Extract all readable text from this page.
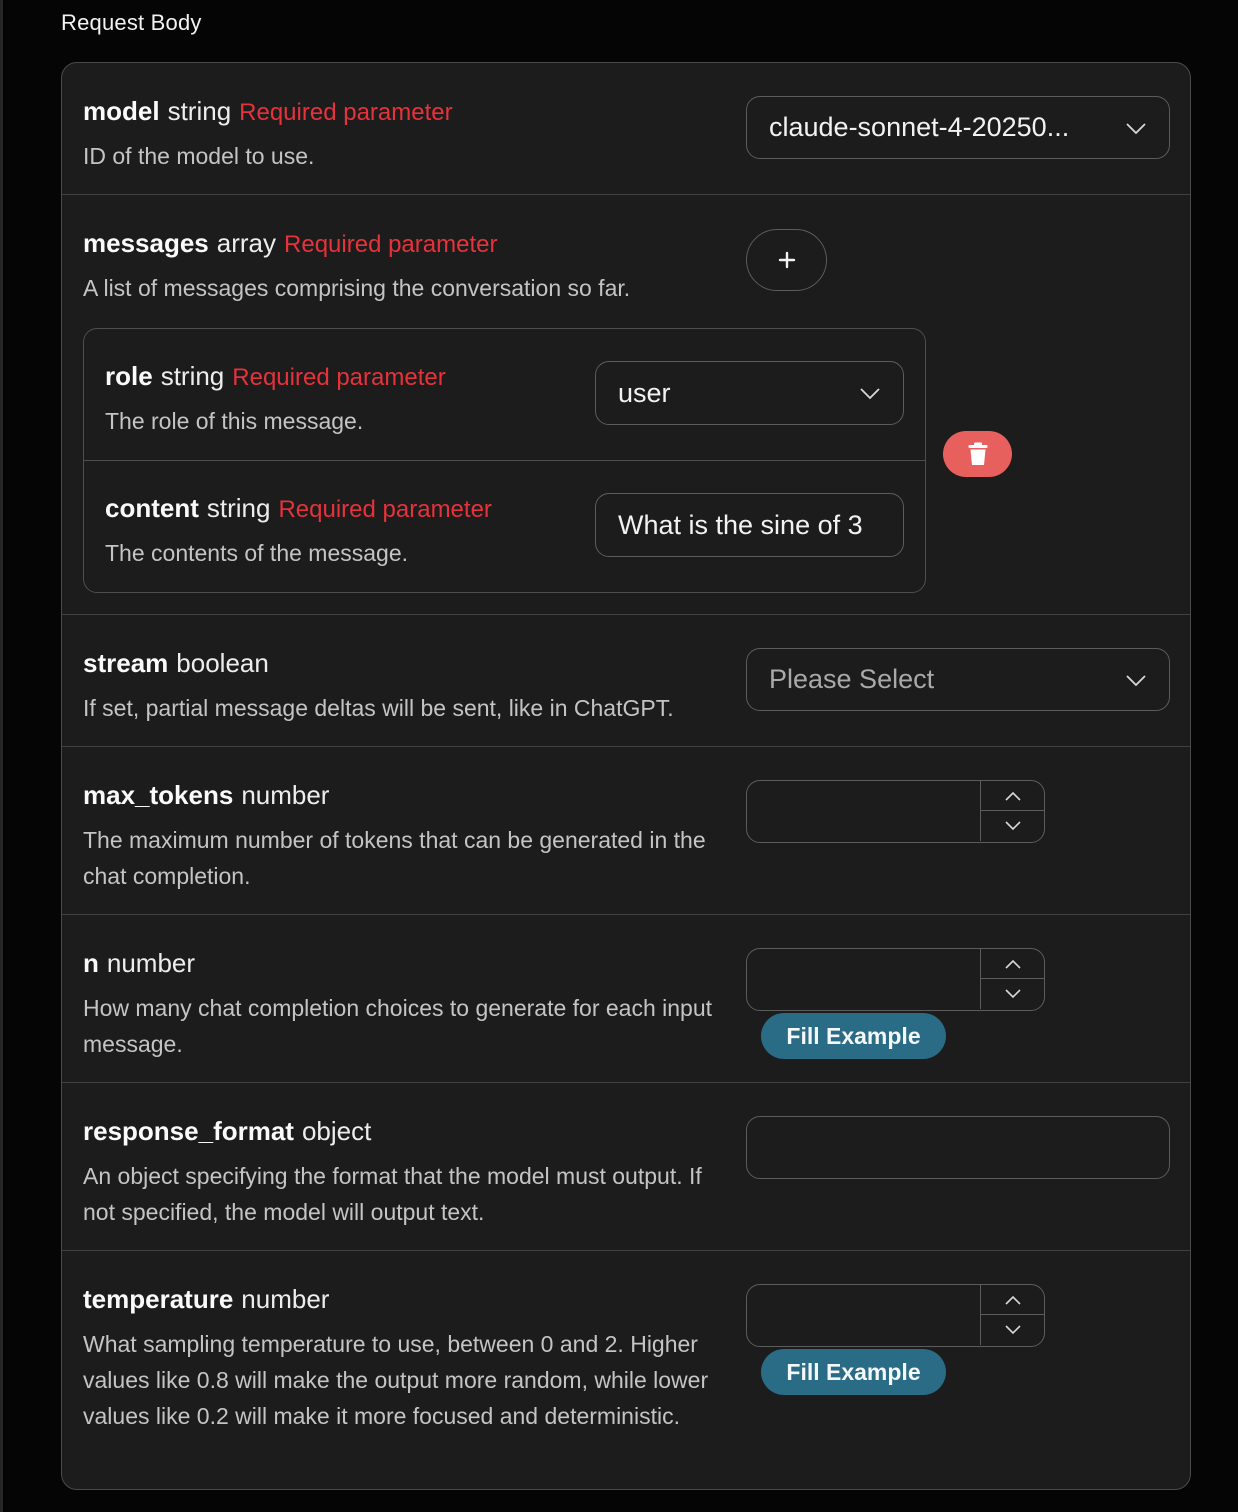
Request Body
model string Required parameter
ID of the model to use.
claude-sonnet-4-20250...
messages array Required parameter
A list of messages comprising the conversation so far.
role string Required parameter
The role of this message.
user
content string Required parameter
The contents of the message.
What is the sine of 3
stream boolean
If set, partial message deltas will be sent, like in ChatGPT.
Please Select
max_tokens number
The maximum number of tokens that can be generated in the chat completion.
n number
How many chat completion choices to generate for each input message.	Fill Example
response_format object
An object specifying the format that the model must output. If not specified, the model will output text.
temperature number
What sampling temperature to use, between 0 and 2. Higher values like 0.8 will make the output more random, while lower values like 0.2 will make it more focused and deterministic.
Fill Example
